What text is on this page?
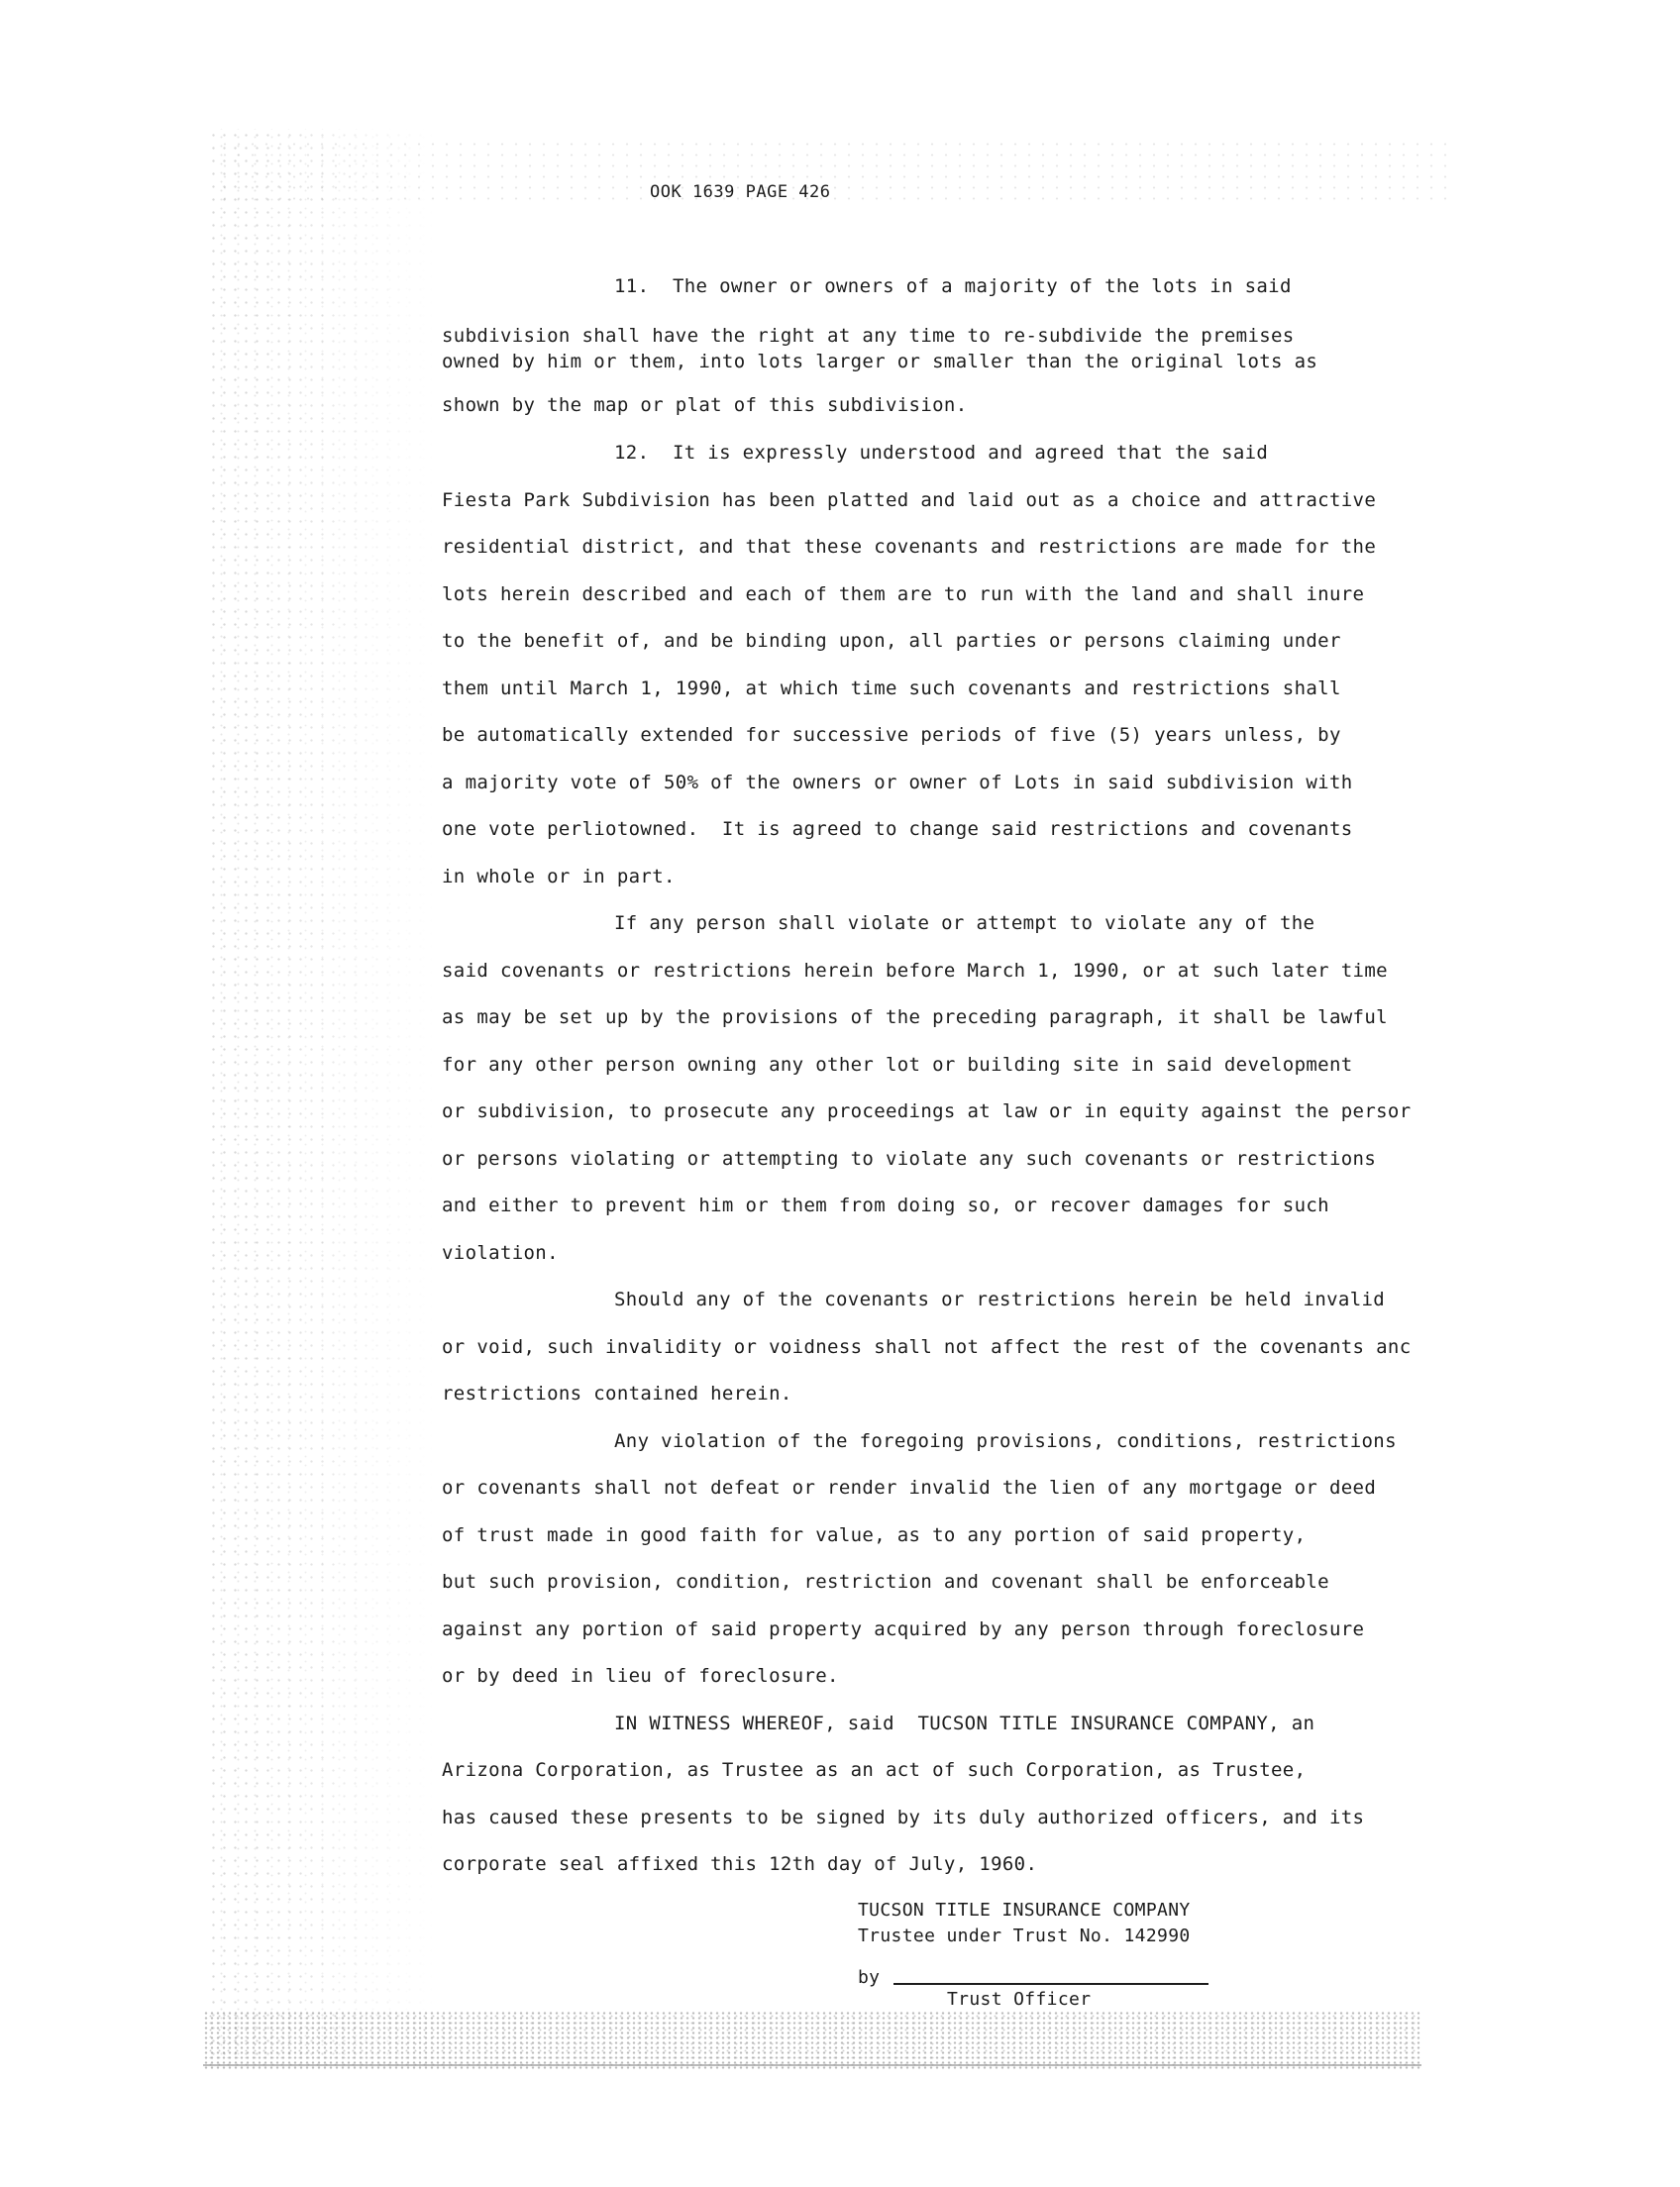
OOK 1639 PAGE 426
11.  The owner or owners of a majority of the lots in said
subdivision shall have the right at any time to re-subdivide the premises
owned by him or them, into lots larger or smaller than the original lots as
shown by the map or plat of this subdivision.
12.  It is expressly understood and agreed that the said
Fiesta Park Subdivision has been platted and laid out as a choice and attractive
residential district, and that these covenants and restrictions are made for the
lots herein described and each of them are to run with the land and shall inure
to the benefit of, and be binding upon, all parties or persons claiming under
them until March 1, 1990, at which time such covenants and restrictions shall
be automatically extended for successive periods of five (5) years unless, by
a majority vote of 50% of the owners or owner of Lots in said subdivision with
one vote perliotowned.  It is agreed to change said restrictions and covenants
in whole or in part.
If any person shall violate or attempt to violate any of the
said covenants or restrictions herein before March 1, 1990, or at such later time
as may be set up by the provisions of the preceding paragraph, it shall be lawful
for any other person owning any other lot or building site in said development
or subdivision, to prosecute any proceedings at law or in equity against the persor
or persons violating or attempting to violate any such covenants or restrictions
and either to prevent him or them from doing so, or recover damages for such
violation.
Should any of the covenants or restrictions herein be held invalid
or void, such invalidity or voidness shall not affect the rest of the covenants anc
restrictions contained herein.
Any violation of the foregoing provisions, conditions, restrictions
or covenants shall not defeat or render invalid the lien of any mortgage or deed
of trust made in good faith for value, as to any portion of said property,
but such provision, condition, restriction and covenant shall be enforceable
against any portion of said property acquired by any person through foreclosure
or by deed in lieu of foreclosure.
IN WITNESS WHEREOF, said  TUCSON TITLE INSURANCE COMPANY, an
Arizona Corporation, as Trustee as an act of such Corporation, as Trustee,
has caused these presents to be signed by its duly authorized officers, and its
corporate seal affixed this 12th day of July, 1960.
TUCSON TITLE INSURANCE COMPANY
Trustee under Trust No. 142990
by
Trust Officer
